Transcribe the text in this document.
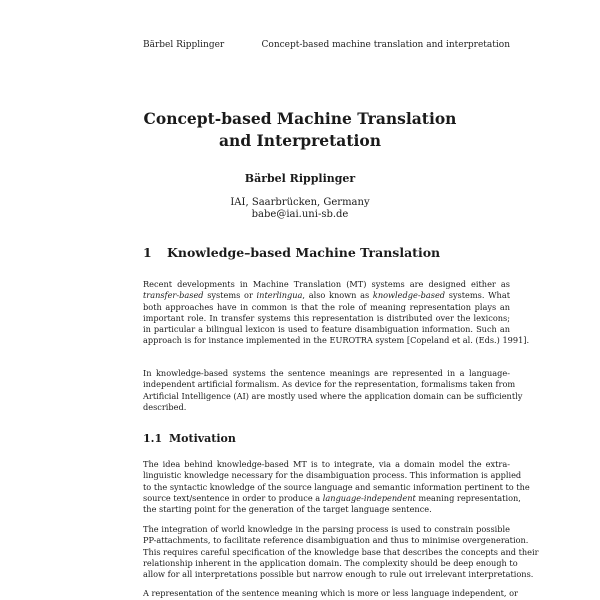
Bärbel Ripplinger	Concept-based machine translation and interpretation
Concept-based Machine Translation
and Interpretation
Bärbel Ripplinger
IAI, Saarbrücken, Germany
babe@iai.uni-sb.de
1 Knowledge–based Machine Translation
Recent developments in Machine Translation (MT) systems are designed either as
transfer-based systems or interlingua, also known as knowledge-based systems. What
both approaches have in common is that the role of meaning representation plays an
important role. In transfer systems this representation is distributed over the lexicons;
in particular a bilingual lexicon is used to feature disambiguation information. Such an
approach is for instance implemented in the EUROTRA system [Copeland et al. (Eds.) 1991].
In knowledge-based systems the sentence meanings are represented in a language-
independent artificial formalism. As device for the representation, formalisms taken from
Artificial Intelligence (AI) are mostly used where the application domain can be sufficiently
described.
1.1 Motivation
The idea behind knowledge-based MT is to integrate, via a domain model the extra-
linguistic knowledge necessary for the disambiguation process. This information is applied
to the syntactic knowledge of the source language and semantic information pertinent to the
source text/sentence in order to produce a language-independent meaning representation,
the starting point for the generation of the target language sentence.
The integration of world knowledge in the parsing process is used to constrain possible
PP-attachments, to facilitate reference disambiguation and thus to minimise overgeneration.
This requires careful specification of the knowledge base that describes the concepts and their
relationship inherent in the application domain. The complexity should be deep enough to
allow for all interpretations possible but narrow enough to rule out irrelevant interpretations.
A representation of the sentence meaning which is more or less language independent, or
